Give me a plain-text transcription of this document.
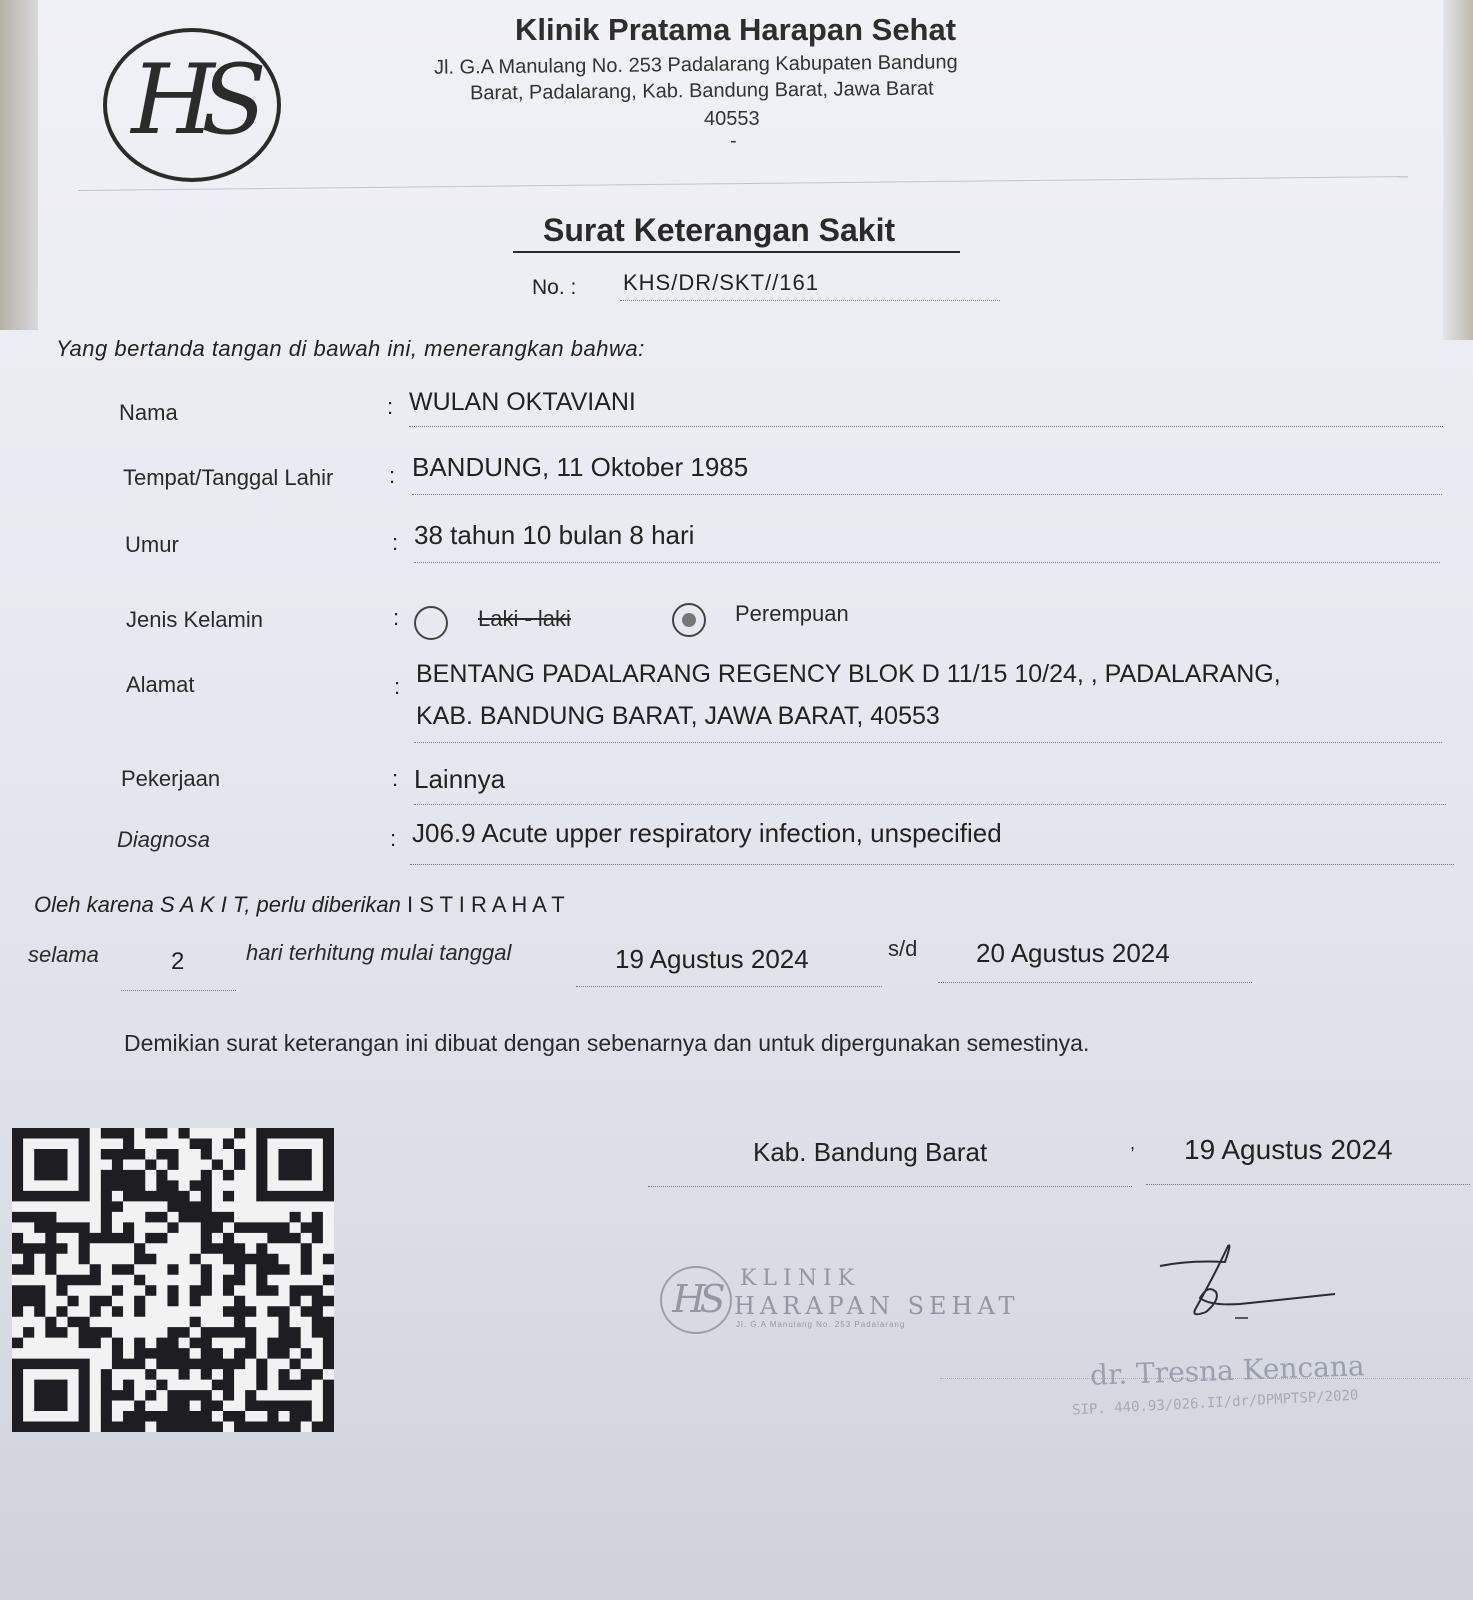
HS
Klinik Pratama Harapan Sehat
Jl. G.A Manulang No. 253 Padalarang Kabupaten Bandung
Barat, Padalarang, Kab. Bandung Barat, Jawa Barat
40553
-
Surat Keterangan Sakit
No. : KHS/DR/SKT//161
Yang bertanda tangan di bawah ini, menerangkan bahwa:
Nama	: WULAN OKTAVIANI
Tempat/Tanggal Lahir	: BANDUNG, 11 Oktober 1985
Umur	: 38 tahun 10 bulan 8 hari
Jenis Kelamin	:	Laki - laki	Perempuan
Alamat	: BENTANG PADALARANG REGENCY BLOK D 11/15 10/24, , PADALARANG,
KAB. BANDUNG BARAT, JAWA BARAT, 40553
Pekerjaan	: Lainnya
Diagnosa	: J06.9 Acute upper respiratory infection, unspecified
Oleh karena S A K I T, perlu diberikan I S T I R A H A T
selama	2	hari terhitung mulai tanggal	19 Agustus 2024	s/d 20 Agustus 2024
Demikian surat keterangan ini dibuat dengan sebenarnya dan untuk dipergunakan semestinya.
Kab. Bandung Barat	, 19 Agustus 2024
HS KLINIK
HARAPAN SEHAT
Jl. G.A Manulang No. 253 Padalarang
dr. Tresna Kencana
SIP. 440.93/026.II/dr/DPMPTSP/2020
